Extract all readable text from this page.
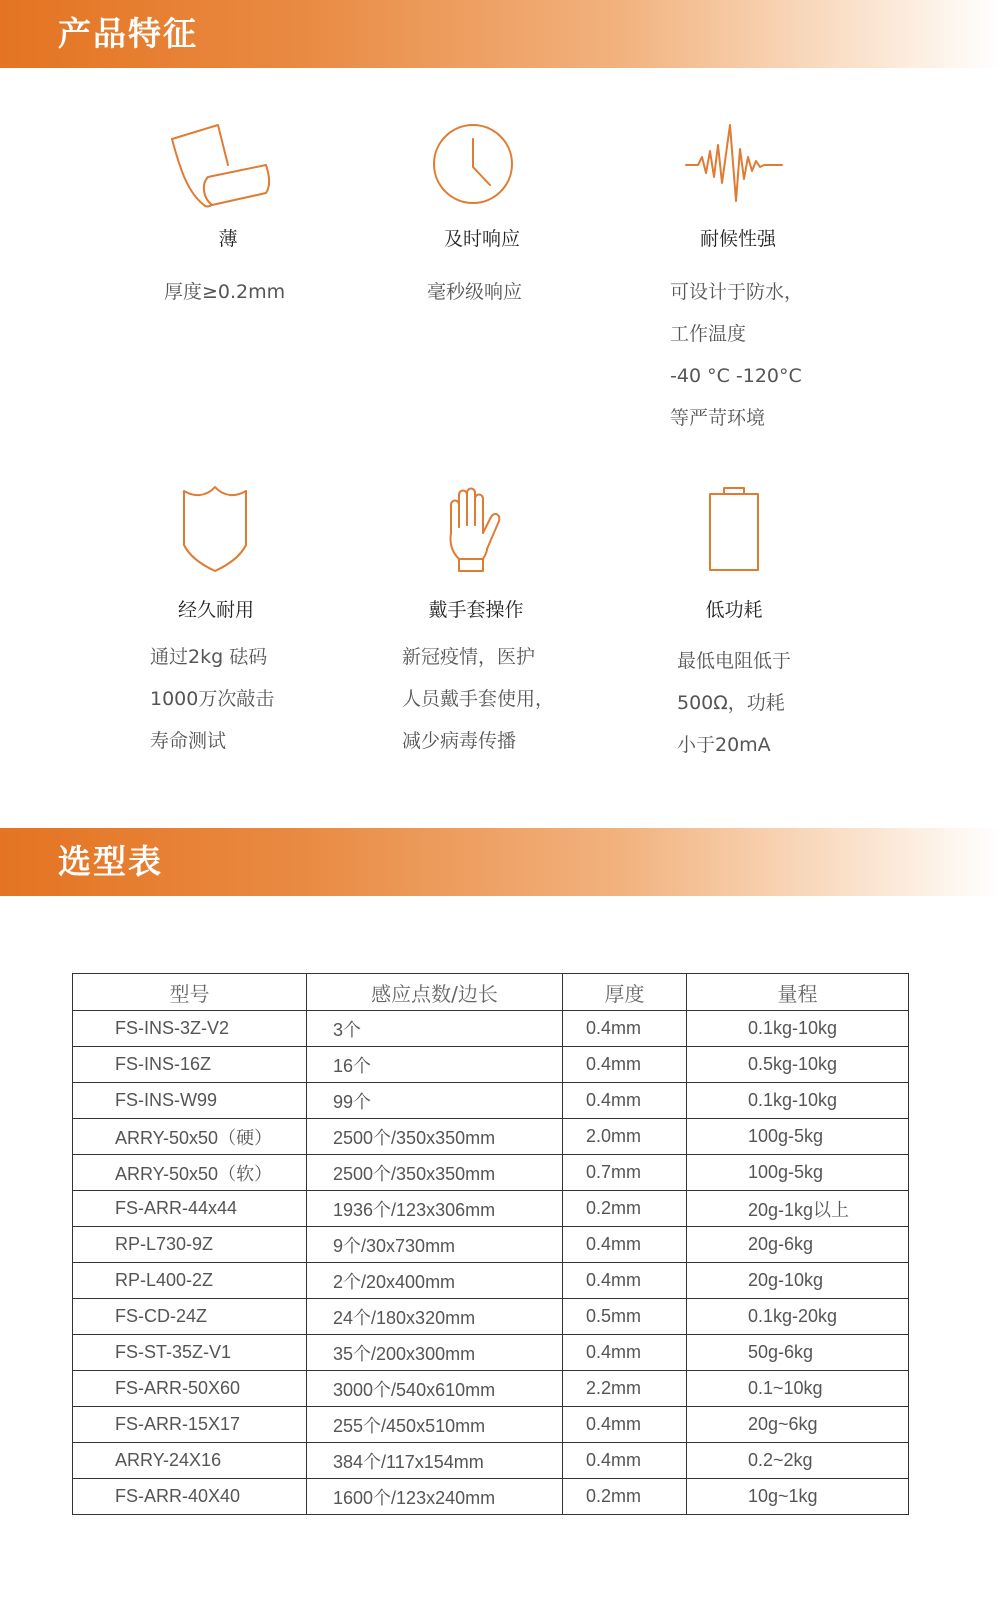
产品特征
薄
厚度≥0.2mm
及时响应
毫秒级响应
耐候性强
可设计于防水，
工作温度
-40 °C -120°C
等严苛环境
经久耐用
通过2kg 砝码
1000万次敲击
寿命测试
戴手套操作
新冠疫情，医护
人员戴手套使用，
减少病毒传播
低功耗
最低电阻低于
500Ω，功耗
小于20mA
选型表
型号	感应点数/边长	厚度	量程
FS-INS-3Z-V2	3个	0.4mm	0.1kg-10kg
FS-INS-16Z	16个	0.4mm	0.5kg-10kg
FS-INS-W99	99个	0.4mm	0.1kg-10kg
ARRY-50x50（硬）	2500个/350x350mm	2.0mm	100g-5kg
ARRY-50x50（软）	2500个/350x350mm	0.7mm	100g-5kg
FS-ARR-44x44	1936个/123x306mm	0.2mm	20g-1kg以上
RP-L730-9Z	9个/30x730mm	0.4mm	20g-6kg
RP-L400-2Z	2个/20x400mm	0.4mm	20g-10kg
FS-CD-24Z	24个/180x320mm	0.5mm	0.1kg-20kg
FS-ST-35Z-V1	35个/200x300mm	0.4mm	50g-6kg
FS-ARR-50X60	3000个/540x610mm	2.2mm	0.1~10kg
FS-ARR-15X17	255个/450x510mm	0.4mm	20g~6kg
ARRY-24X16	384个/117x154mm	0.4mm	0.2~2kg
FS-ARR-40X40	1600个/123x240mm	0.2mm	10g~1kg
